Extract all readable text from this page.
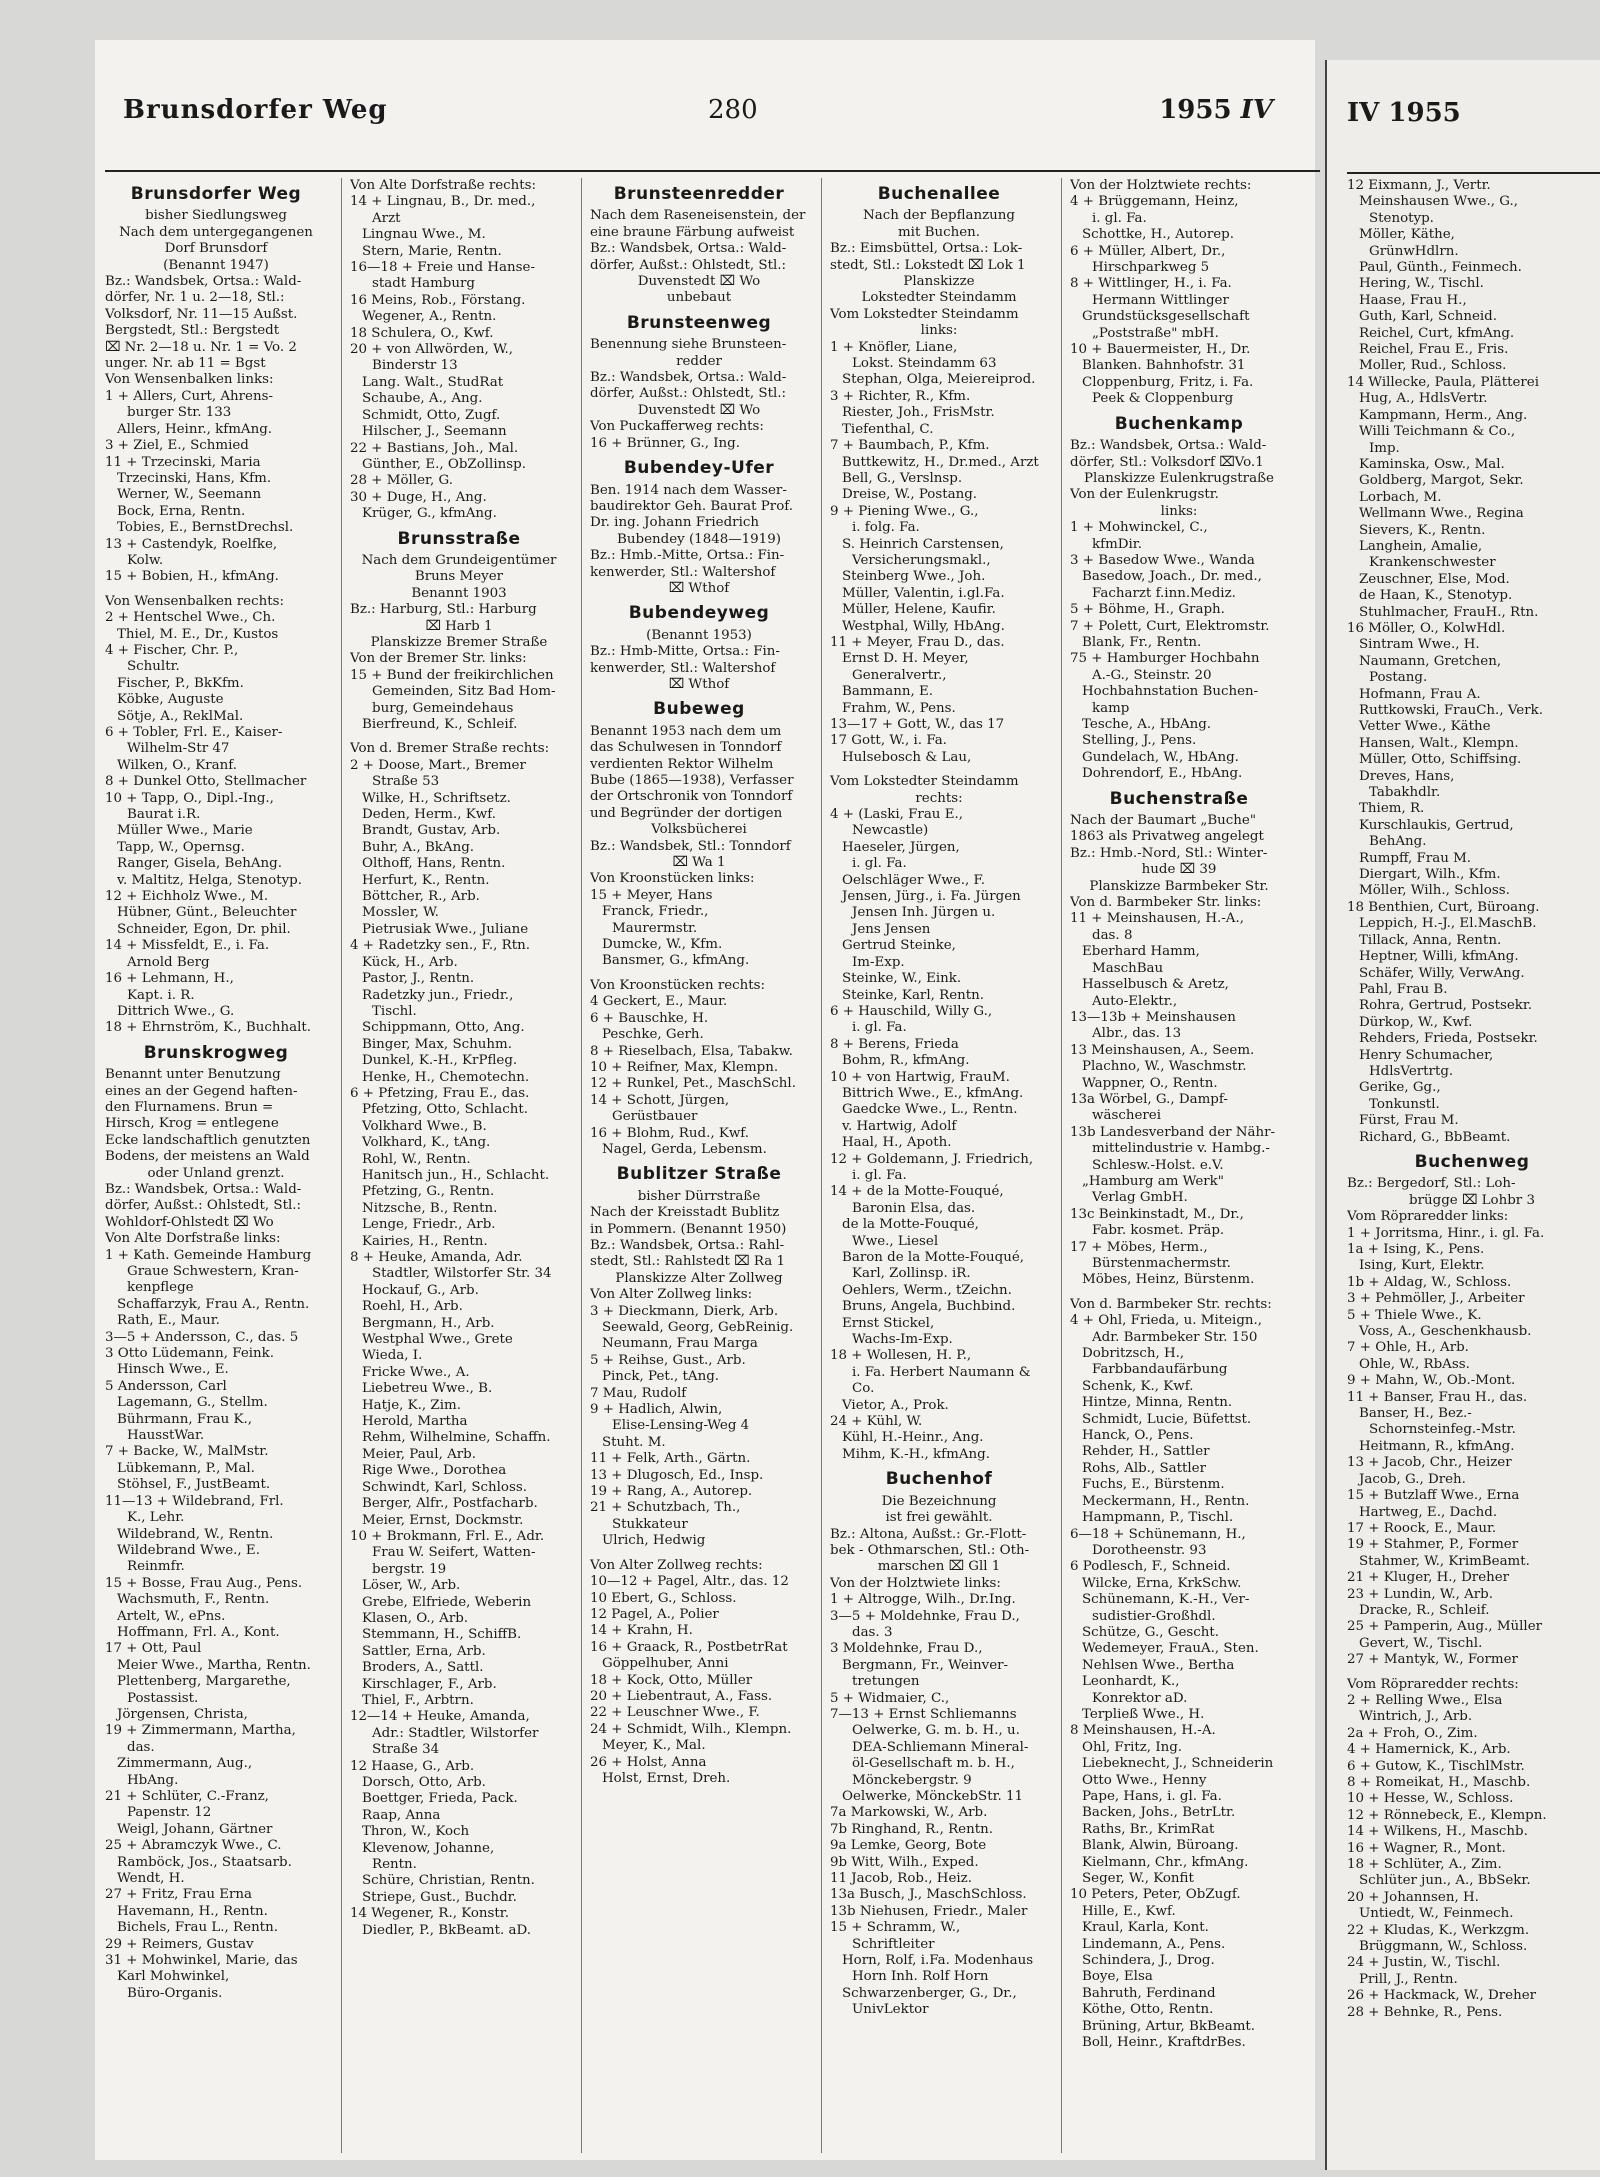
Brunsdorfer Weg	280	1955 IV
Brunsdorfer Weg
bisher Siedlungsweg
Nach dem untergegangenen
Dorf Brunsdorf
(Benannt 1947)
Bz.: Wandsbek, Ortsa.: Wald-
dörfer, Nr. 1 u. 2—18, Stl.:
Volksdorf, Nr. 11—15 Außst.
Bergstedt, Stl.: Bergstedt
⌧ Nr. 2—18 u. Nr. 1 = Vo. 2
unger. Nr. ab 11 = Bgst
Von Wensenbalken links:
1 + Allers, Curt, Ahrens-
burger Str. 133
Allers, Heinr., kfmAng.
3 + Ziel, E., Schmied
11 + Trzecinski, Maria
Trzecinski, Hans, Kfm.
Werner, W., Seemann
Bock, Erna, Rentn.
Tobies, E., BernstDrechsl.
13 + Castendyk, Roelfke,
Kolw.
15 + Bobien, H., kfmAng.
Von Wensenbalken rechts:
2 + Hentschel Wwe., Ch.
Thiel, M. E., Dr., Kustos
4 + Fischer, Chr. P.,
Schultr.
Fischer, P., BkKfm.
Köbke, Auguste
Sötje, A., ReklMal.
6 + Tobler, Frl. E., Kaiser-
Wilhelm-Str 47
Wilken, O., Kranf.
8 + Dunkel Otto, Stellmacher
10 + Tapp, O., Dipl.-Ing.,
Baurat i.R.
Müller Wwe., Marie
Tapp, W., Opernsg.
Ranger, Gisela, BehAng.
v. Maltitz, Helga, Stenotyp.
12 + Eichholz Wwe., M.
Hübner, Günt., Beleuchter
Schneider, Egon, Dr. phil.
14 + Missfeldt, E., i. Fa.
Arnold Berg
16 + Lehmann, H.,
Kapt. i. R.
Dittrich Wwe., G.
18 + Ehrnström, K., Buchhalt.
Brunskrogweg
Benannt unter Benutzung
eines an der Gegend haften-
den Flurnamens. Brun =
Hirsch, Krog = entlegene
Ecke landschaftlich genutzten
Bodens, der meistens an Wald
oder Unland grenzt.
Bz.: Wandsbek, Ortsa.: Wald-
dörfer, Außst.: Ohlstedt, Stl.:
Wohldorf-Ohlstedt ⌧ Wo
Von Alte Dorfstraße links:
1 + Kath. Gemeinde Hamburg
Graue Schwestern, Kran-
kenpflege
Schaffarzyk, Frau A., Rentn.
Rath, E., Maur.
3—5 + Andersson, C., das. 5
3 Otto Lüdemann, Feink.
Hinsch Wwe., E.
5 Andersson, Carl
Lagemann, G., Stellm.
Bührmann, Frau K.,
HausstWar.
7 + Backe, W., MalMstr.
Lübkemann, P., Mal.
Stöhsel, F., JustBeamt.
11—13 + Wildebrand, Frl.
K., Lehr.
Wildebrand, W., Rentn.
Wildebrand Wwe., E.
Reinmfr.
15 + Bosse, Frau Aug., Pens.
Wachsmuth, F., Rentn.
Artelt, W., ePns.
Hoffmann, Frl. A., Kont.
17 + Ott, Paul
Meier Wwe., Martha, Rentn.
Plettenberg, Margarethe,
Postassist.
Jörgensen, Christa,
19 + Zimmermann, Martha,
das.
Zimmermann, Aug.,
HbAng.
21 + Schlüter, C.-Franz,
Papenstr. 12
Weigl, Johann, Gärtner
25 + Abramczyk Wwe., C.
Ramböck, Jos., Staatsarb.
Wendt, H.
27 + Fritz, Frau Erna
Havemann, H., Rentn.
Bichels, Frau L., Rentn.
29 + Reimers, Gustav
31 + Mohwinkel, Marie, das
Karl Mohwinkel,
Büro-Organis.
Von Alte Dorfstraße rechts:
14 + Lingnau, B., Dr. med.,
Arzt
Lingnau Wwe., M.
Stern, Marie, Rentn.
16—18 + Freie und Hanse-
stadt Hamburg
16 Meins, Rob., Förstang.
Wegener, A., Rentn.
18 Schulera, O., Kwf.
20 + von Allwörden, W.,
Binderstr 13
Lang. Walt., StudRat
Schaube, A., Ang.
Schmidt, Otto, Zugf.
Hilscher, J., Seemann
22 + Bastians, Joh., Mal.
Günther, E., ObZollinsp.
28 + Möller, G.
30 + Duge, H., Ang.
Krüger, G., kfmAng.
Brunsstraße
Nach dem Grundeigentümer
Bruns Meyer
Benannt 1903
Bz.: Harburg, Stl.: Harburg
⌧ Harb 1
Planskizze Bremer Straße
Von der Bremer Str. links:
15 + Bund der freikirchlichen
Gemeinden, Sitz Bad Hom-
burg, Gemeindehaus
Bierfreund, K., Schleif.
Von d. Bremer Straße rechts:
2 + Doose, Mart., Bremer
Straße 53
Wilke, H., Schriftsetz.
Deden, Herm., Kwf.
Brandt, Gustav, Arb.
Buhr, A., BkAng.
Olthoff, Hans, Rentn.
Herfurt, K., Rentn.
Böttcher, R., Arb.
Mossler, W.
Pietrusiak Wwe., Juliane
4 + Radetzky sen., F., Rtn.
Kück, H., Arb.
Pastor, J., Rentn.
Radetzky jun., Friedr.,
Tischl.
Schippmann, Otto, Ang.
Binger, Max, Schuhm.
Dunkel, K.-H., KrPfleg.
Henke, H., Chemotechn.
6 + Pfetzing, Frau E., das.
Pfetzing, Otto, Schlacht.
Volkhard Wwe., B.
Volkhard, K., tAng.
Rohl, W., Rentn.
Hanitsch jun., H., Schlacht.
Pfetzing, G., Rentn.
Nitzsche, B., Rentn.
Lenge, Friedr., Arb.
Kairies, H., Rentn.
8 + Heuke, Amanda, Adr.
Stadtler, Wilstorfer Str. 34
Hockauf, G., Arb.
Roehl, H., Arb.
Bergmann, H., Arb.
Westphal Wwe., Grete
Wieda, I.
Fricke Wwe., A.
Liebetreu Wwe., B.
Hatje, K., Zim.
Herold, Martha
Rehm, Wilhelmine, Schaffn.
Meier, Paul, Arb.
Rige Wwe., Dorothea
Schwindt, Karl, Schloss.
Berger, Alfr., Postfacharb.
Meier, Ernst, Dockmstr.
10 + Brokmann, Frl. E., Adr.
Frau W. Seifert, Watten-
bergstr. 19
Löser, W., Arb.
Grebe, Elfriede, Weberin
Klasen, O., Arb.
Stemmann, H., SchiffB.
Sattler, Erna, Arb.
Broders, A., Sattl.
Kirschlager, F., Arb.
Thiel, F., Arbtrn.
12—14 + Heuke, Amanda,
Adr.: Stadtler, Wilstorfer
Straße 34
12 Haase, G., Arb.
Dorsch, Otto, Arb.
Boettger, Frieda, Pack.
Raap, Anna
Thron, W., Koch
Klevenow, Johanne,
Rentn.
Schüre, Christian, Rentn.
Striepe, Gust., Buchdr.
14 Wegener, R., Konstr.
Diedler, P., BkBeamt. aD.
Brunsteenredder
Nach dem Raseneisenstein, der
eine braune Färbung aufweist
Bz.: Wandsbek, Ortsa.: Wald-
dörfer, Außst.: Ohlstedt, Stl.:
Duvenstedt ⌧ Wo
unbebaut
Brunsteenweg
Benennung siehe Brunsteen-
redder
Bz.: Wandsbek, Ortsa.: Wald-
dörfer, Außst.: Ohlstedt, Stl.:
Duvenstedt ⌧ Wo
Von Puckafferweg rechts:
16 + Brünner, G., Ing.
Bubendey-Ufer
Ben. 1914 nach dem Wasser-
baudirektor Geh. Baurat Prof.
Dr. ing. Johann Friedrich
Bubendey (1848—1919)
Bz.: Hmb.-Mitte, Ortsa.: Fin-
kenwerder, Stl.: Waltershof
⌧ Wthof
Bubendeyweg
(Benannt 1953)
Bz.: Hmb-Mitte, Ortsa.: Fin-
kenwerder, Stl.: Waltershof
⌧ Wthof
Bubeweg
Benannt 1953 nach dem um
das Schulwesen in Tonndorf
verdienten Rektor Wilhelm
Bube (1865—1938), Verfasser
der Ortschronik von Tonndorf
und Begründer der dortigen
Volksbücherei
Bz.: Wandsbek, Stl.: Tonndorf
⌧ Wa 1
Von Kroonstücken links:
15 + Meyer, Hans
Franck, Friedr.,
Maurermstr.
Dumcke, W., Kfm.
Bansmer, G., kfmAng.
Von Kroonstücken rechts:
4 Geckert, E., Maur.
6 + Bauschke, H.
Peschke, Gerh.
8 + Rieselbach, Elsa, Tabakw.
10 + Reifner, Max, Klempn.
12 + Runkel, Pet., MaschSchl.
14 + Schott, Jürgen,
Gerüstbauer
16 + Blohm, Rud., Kwf.
Nagel, Gerda, Lebensm.
Bublitzer Straße
bisher Dürrstraße
Nach der Kreisstadt Bublitz
in Pommern. (Benannt 1950)
Bz.: Wandsbek, Ortsa.: Rahl-
stedt, Stl.: Rahlstedt ⌧ Ra 1
Planskizze Alter Zollweg
Von Alter Zollweg links:
3 + Dieckmann, Dierk, Arb.
Seewald, Georg, GebReinig.
Neumann, Frau Marga
5 + Reihse, Gust., Arb.
Pinck, Pet., tAng.
7 Mau, Rudolf
9 + Hadlich, Alwin,
Elise-Lensing-Weg 4
Stuht. M.
11 + Felk, Arth., Gärtn.
13 + Dlugosch, Ed., Insp.
19 + Rang, A., Autorep.
21 + Schutzbach, Th.,
Stukkateur
Ulrich, Hedwig
Von Alter Zollweg rechts:
10—12 + Pagel, Altr., das. 12
10 Ebert, G., Schloss.
12 Pagel, A., Polier
14 + Krahn, H.
16 + Graack, R., PostbetrRat
Göppelhuber, Anni
18 + Kock, Otto, Müller
20 + Liebentraut, A., Fass.
22 + Leuschner Wwe., F.
24 + Schmidt, Wilh., Klempn.
Meyer, K., Mal.
26 + Holst, Anna
Holst, Ernst, Dreh.
Buchenallee
Nach der Bepflanzung
mit Buchen.
Bz.: Eimsbüttel, Ortsa.: Lok-
stedt, Stl.: Lokstedt ⌧ Lok 1
Planskizze
Lokstedter Steindamm
Vom Lokstedter Steindamm
links:
1 + Knöfler, Liane,
Lokst. Steindamm 63
Stephan, Olga, Meiereiprod.
3 + Richter, R., Kfm.
Riester, Joh., FrisMstr.
Tiefenthal, C.
7 + Baumbach, P., Kfm.
Buttkewitz, H., Dr.med., Arzt
Bell, G., Verslnsp.
Dreise, W., Postang.
9 + Piening Wwe., G.,
i. folg. Fa.
S. Heinrich Carstensen,
Versicherungsmakl.,
Steinberg Wwe., Joh.
Müller, Valentin, i.gl.Fa.
Müller, Helene, Kaufir.
Westphal, Willy, HbAng.
11 + Meyer, Frau D., das.
Ernst D. H. Meyer,
Generalvertr.,
Bammann, E.
Frahm, W., Pens.
13—17 + Gott, W., das 17
17 Gott, W., i. Fa.
Hulsebosch & Lau,
Vom Lokstedter Steindamm
rechts:
4 + (Laski, Frau E.,
Newcastle)
Haeseler, Jürgen,
i. gl. Fa.
Oelschläger Wwe., F.
Jensen, Jürg., i. Fa. Jürgen
Jensen Inh. Jürgen u.
Jens Jensen
Gertrud Steinke,
Im-Exp.
Steinke, W., Eink.
Steinke, Karl, Rentn.
6 + Hauschild, Willy G.,
i. gl. Fa.
8 + Berens, Frieda
Bohm, R., kfmAng.
10 + von Hartwig, FrauM.
Bittrich Wwe., E., kfmAng.
Gaedcke Wwe., L., Rentn.
v. Hartwig, Adolf
Haal, H., Apoth.
12 + Goldemann, J. Friedrich,
i. gl. Fa.
14 + de la Motte-Fouqué,
Baronin Elsa, das.
de la Motte-Fouqué,
Wwe., Liesel
Baron de la Motte-Fouqué,
Karl, Zollinsp. iR.
Oehlers, Werm., tZeichn.
Bruns, Angela, Buchbind.
Ernst Stickel,
Wachs-Im-Exp.
18 + Wollesen, H. P.,
i. Fa. Herbert Naumann &
Co.
Vietor, A., Prok.
24 + Kühl, W.
Kühl, H.-Heinr., Ang.
Mihm, K.-H., kfmAng.
Buchenhof
Die Bezeichnung
ist frei gewählt.
Bz.: Altona, Außst.: Gr.-Flott-
bek - Othmarschen, Stl.: Oth-
marschen ⌧ Gll 1
Von der Holztwiete links:
1 + Altrogge, Wilh., Dr.Ing.
3—5 + Moldehnke, Frau D.,
das. 3
3 Moldehnke, Frau D.,
Bergmann, Fr., Weinver-
tretungen
5 + Widmaier, C.,
7—13 + Ernst Schliemanns
Oelwerke, G. m. b. H., u.
DEA-Schliemann Mineral-
öl-Gesellschaft m. b. H.,
Mönckebergstr. 9
Oelwerke, MönckebStr. 11
7a Markowski, W., Arb.
7b Ringhand, R., Rentn.
9a Lemke, Georg, Bote
9b Witt, Wilh., Exped.
11 Jacob, Rob., Heiz.
13a Busch, J., MaschSchloss.
13b Niehusen, Friedr., Maler
15 + Schramm, W.,
Schriftleiter
Horn, Rolf, i.Fa. Modenhaus
Horn Inh. Rolf Horn
Schwarzenberger, G., Dr.,
UnivLektor
Von der Holztwiete rechts:
4 + Brüggemann, Heinz,
i. gl. Fa.
Schottke, H., Autorep.
6 + Müller, Albert, Dr.,
Hirschparkweg 5
8 + Wittlinger, H., i. Fa.
Hermann Wittlinger
Grundstücksgesellschaft
„Poststraße" mbH.
10 + Bauermeister, H., Dr.
Blanken. Bahnhofstr. 31
Cloppenburg, Fritz, i. Fa.
Peek & Cloppenburg
Buchenkamp
Bz.: Wandsbek, Ortsa.: Wald-
dörfer, Stl.: Volksdorf ⌧Vo.1
Planskizze Eulenkrugstraße
Von der Eulenkrugstr.
links:
1 + Mohwinckel, C.,
kfmDir.
3 + Basedow Wwe., Wanda
Basedow, Joach., Dr. med.,
Facharzt f.inn.Mediz.
5 + Böhme, H., Graph.
7 + Polett, Curt, Elektromstr.
Blank, Fr., Rentn.
75 + Hamburger Hochbahn
A.-G., Steinstr. 20
Hochbahnstation Buchen-
kamp
Tesche, A., HbAng.
Stelling, J., Pens.
Gundelach, W., HbAng.
Dohrendorf, E., HbAng.
Buchenstraße
Nach der Baumart „Buche"
1863 als Privatweg angelegt
Bz.: Hmb.-Nord, Stl.: Winter-
hude ⌧ 39
Planskizze Barmbeker Str.
Von d. Barmbeker Str. links:
11 + Meinshausen, H.-A.,
das. 8
Eberhard Hamm,
MaschBau
Hasselbusch & Aretz,
Auto-Elektr.,
13—13b + Meinshausen
Albr., das. 13
13 Meinshausen, A., Seem.
Plachno, W., Waschmstr.
Wappner, O., Rentn.
13a Wörbel, G., Dampf-
wäscherei
13b Landesverband der Nähr-
mittelindustrie v. Hambg.-
Schlesw.-Holst. e.V.
„Hamburg am Werk"
Verlag GmbH.
13c Beinkinstadt, M., Dr.,
Fabr. kosmet. Präp.
17 + Möbes, Herm.,
Bürstenmachermstr.
Möbes, Heinz, Bürstenm.
Von d. Barmbeker Str. rechts:
4 + Ohl, Frieda, u. Miteign.,
Adr. Barmbeker Str. 150
Dobritzsch, H.,
Farbbandaufärbung
Schenk, K., Kwf.
Hintze, Minna, Rentn.
Schmidt, Lucie, Büfettst.
Hanck, O., Pens.
Rehder, H., Sattler
Rohs, Alb., Sattler
Fuchs, E., Bürstenm.
Meckermann, H., Rentn.
Hampmann, P., Tischl.
6—18 + Schünemann, H.,
Dorotheenstr. 93
6 Podlesch, F., Schneid.
Wilcke, Erna, KrkSchw.
Schünemann, K.-H., Ver-
sudistier-Großhdl.
Schütze, G., Gescht.
Wedemeyer, FrauA., Sten.
Nehlsen Wwe., Bertha
Leonhardt, K.,
Konrektor aD.
Terpließ Wwe., H.
8 Meinshausen, H.-A.
Ohl, Fritz, Ing.
Liebeknecht, J., Schneiderin
Otto Wwe., Henny
Pape, Hans, i. gl. Fa.
Backen, Johs., BetrLtr.
Raths, Br., KrimRat
Blank, Alwin, Büroang.
Kielmann, Chr., kfmAng.
Seger, W., Konfit
10 Peters, Peter, ObZugf.
Hille, E., Kwf.
Kraul, Karla, Kont.
Lindemann, A., Pens.
Schindera, J., Drog.
Boye, Elsa
Bahruth, Ferdinand
Köthe, Otto, Rentn.
Brüning, Artur, BkBeamt.
Boll, Heinr., KraftdrBes.
IV 1955
12 Eixmann, J., Vertr.
Meinshausen Wwe., G.,
Stenotyp.
Möller, Käthe,
GrünwHdlrn.
Paul, Günth., Feinmech.
Hering, W., Tischl.
Haase, Frau H.,
Guth, Karl, Schneid.
Reichel, Curt, kfmAng.
Reichel, Frau E., Fris.
Moller, Rud., Schloss.
14 Willecke, Paula, Plätterei
Hug, A., HdlsVertr.
Kampmann, Herm., Ang.
Willi Teichmann & Co.,
Imp.
Kaminska, Osw., Mal.
Goldberg, Margot, Sekr.
Lorbach, M.
Wellmann Wwe., Regina
Sievers, K., Rentn.
Langhein, Amalie,
Krankenschwester
Zeuschner, Else, Mod.
de Haan, K., Stenotyp.
Stuhlmacher, FrauH., Rtn.
16 Möller, O., KolwHdl.
Sintram Wwe., H.
Naumann, Gretchen,
Postang.
Hofmann, Frau A.
Ruttkowski, FrauCh., Verk.
Vetter Wwe., Käthe
Hansen, Walt., Klempn.
Müller, Otto, Schiffsing.
Dreves, Hans,
Tabakhdlr.
Thiem, R.
Kurschlaukis, Gertrud,
BehAng.
Rumpff, Frau M.
Diergart, Wilh., Kfm.
Möller, Wilh., Schloss.
18 Benthien, Curt, Büroang.
Leppich, H.-J., El.MaschB.
Tillack, Anna, Rentn.
Heptner, Willi, kfmAng.
Schäfer, Willy, VerwAng.
Pahl, Frau B.
Rohra, Gertrud, Postsekr.
Dürkop, W., Kwf.
Rehders, Frieda, Postsekr.
Henry Schumacher,
HdlsVertrtg.
Gerike, Gg.,
Tonkunstl.
Fürst, Frau M.
Richard, G., BbBeamt.
Buchenweg
Bz.: Bergedorf, Stl.: Loh-
brügge ⌧ Lohbr 3
Vom Röpraredder links:
1 + Jorritsma, Hinr., i. gl. Fa.
1a + Ising, K., Pens.
Ising, Kurt, Elektr.
1b + Aldag, W., Schloss.
3 + Pehmöller, J., Arbeiter
5 + Thiele Wwe., K.
Voss, A., Geschenkhausb.
7 + Ohle, H., Arb.
Ohle, W., RbAss.
9 + Mahn, W., Ob.-Mont.
11 + Banser, Frau H., das.
Banser, H., Bez.-
Schornsteinfeg.-Mstr.
Heitmann, R., kfmAng.
13 + Jacob, Chr., Heizer
Jacob, G., Dreh.
15 + Butzlaff Wwe., Erna
Hartweg, E., Dachd.
17 + Roock, E., Maur.
19 + Stahmer, P., Former
Stahmer, W., KrimBeamt.
21 + Kluger, H., Dreher
23 + Lundin, W., Arb.
Dracke, R., Schleif.
25 + Pamperin, Aug., Müller
Gevert, W., Tischl.
27 + Mantyk, W., Former
Vom Röpraredder rechts:
2 + Relling Wwe., Elsa
Wintrich, J., Arb.
2a + Froh, O., Zim.
4 + Hamernick, K., Arb.
6 + Gutow, K., TischlMstr.
8 + Romeikat, H., Maschb.
10 + Hesse, W., Schloss.
12 + Rönnebeck, E., Klempn.
14 + Wilkens, H., Maschb.
16 + Wagner, R., Mont.
18 + Schlüter, A., Zim.
Schlüter jun., A., BbSekr.
20 + Johannsen, H.
Untiedt, W., Feinmech.
22 + Kludas, K., Werkzgm.
Brüggmann, W., Schloss.
24 + Justin, W., Tischl.
Prill, J., Rentn.
26 + Hackmack, W., Dreher
28 + Behnke, R., Pens.
